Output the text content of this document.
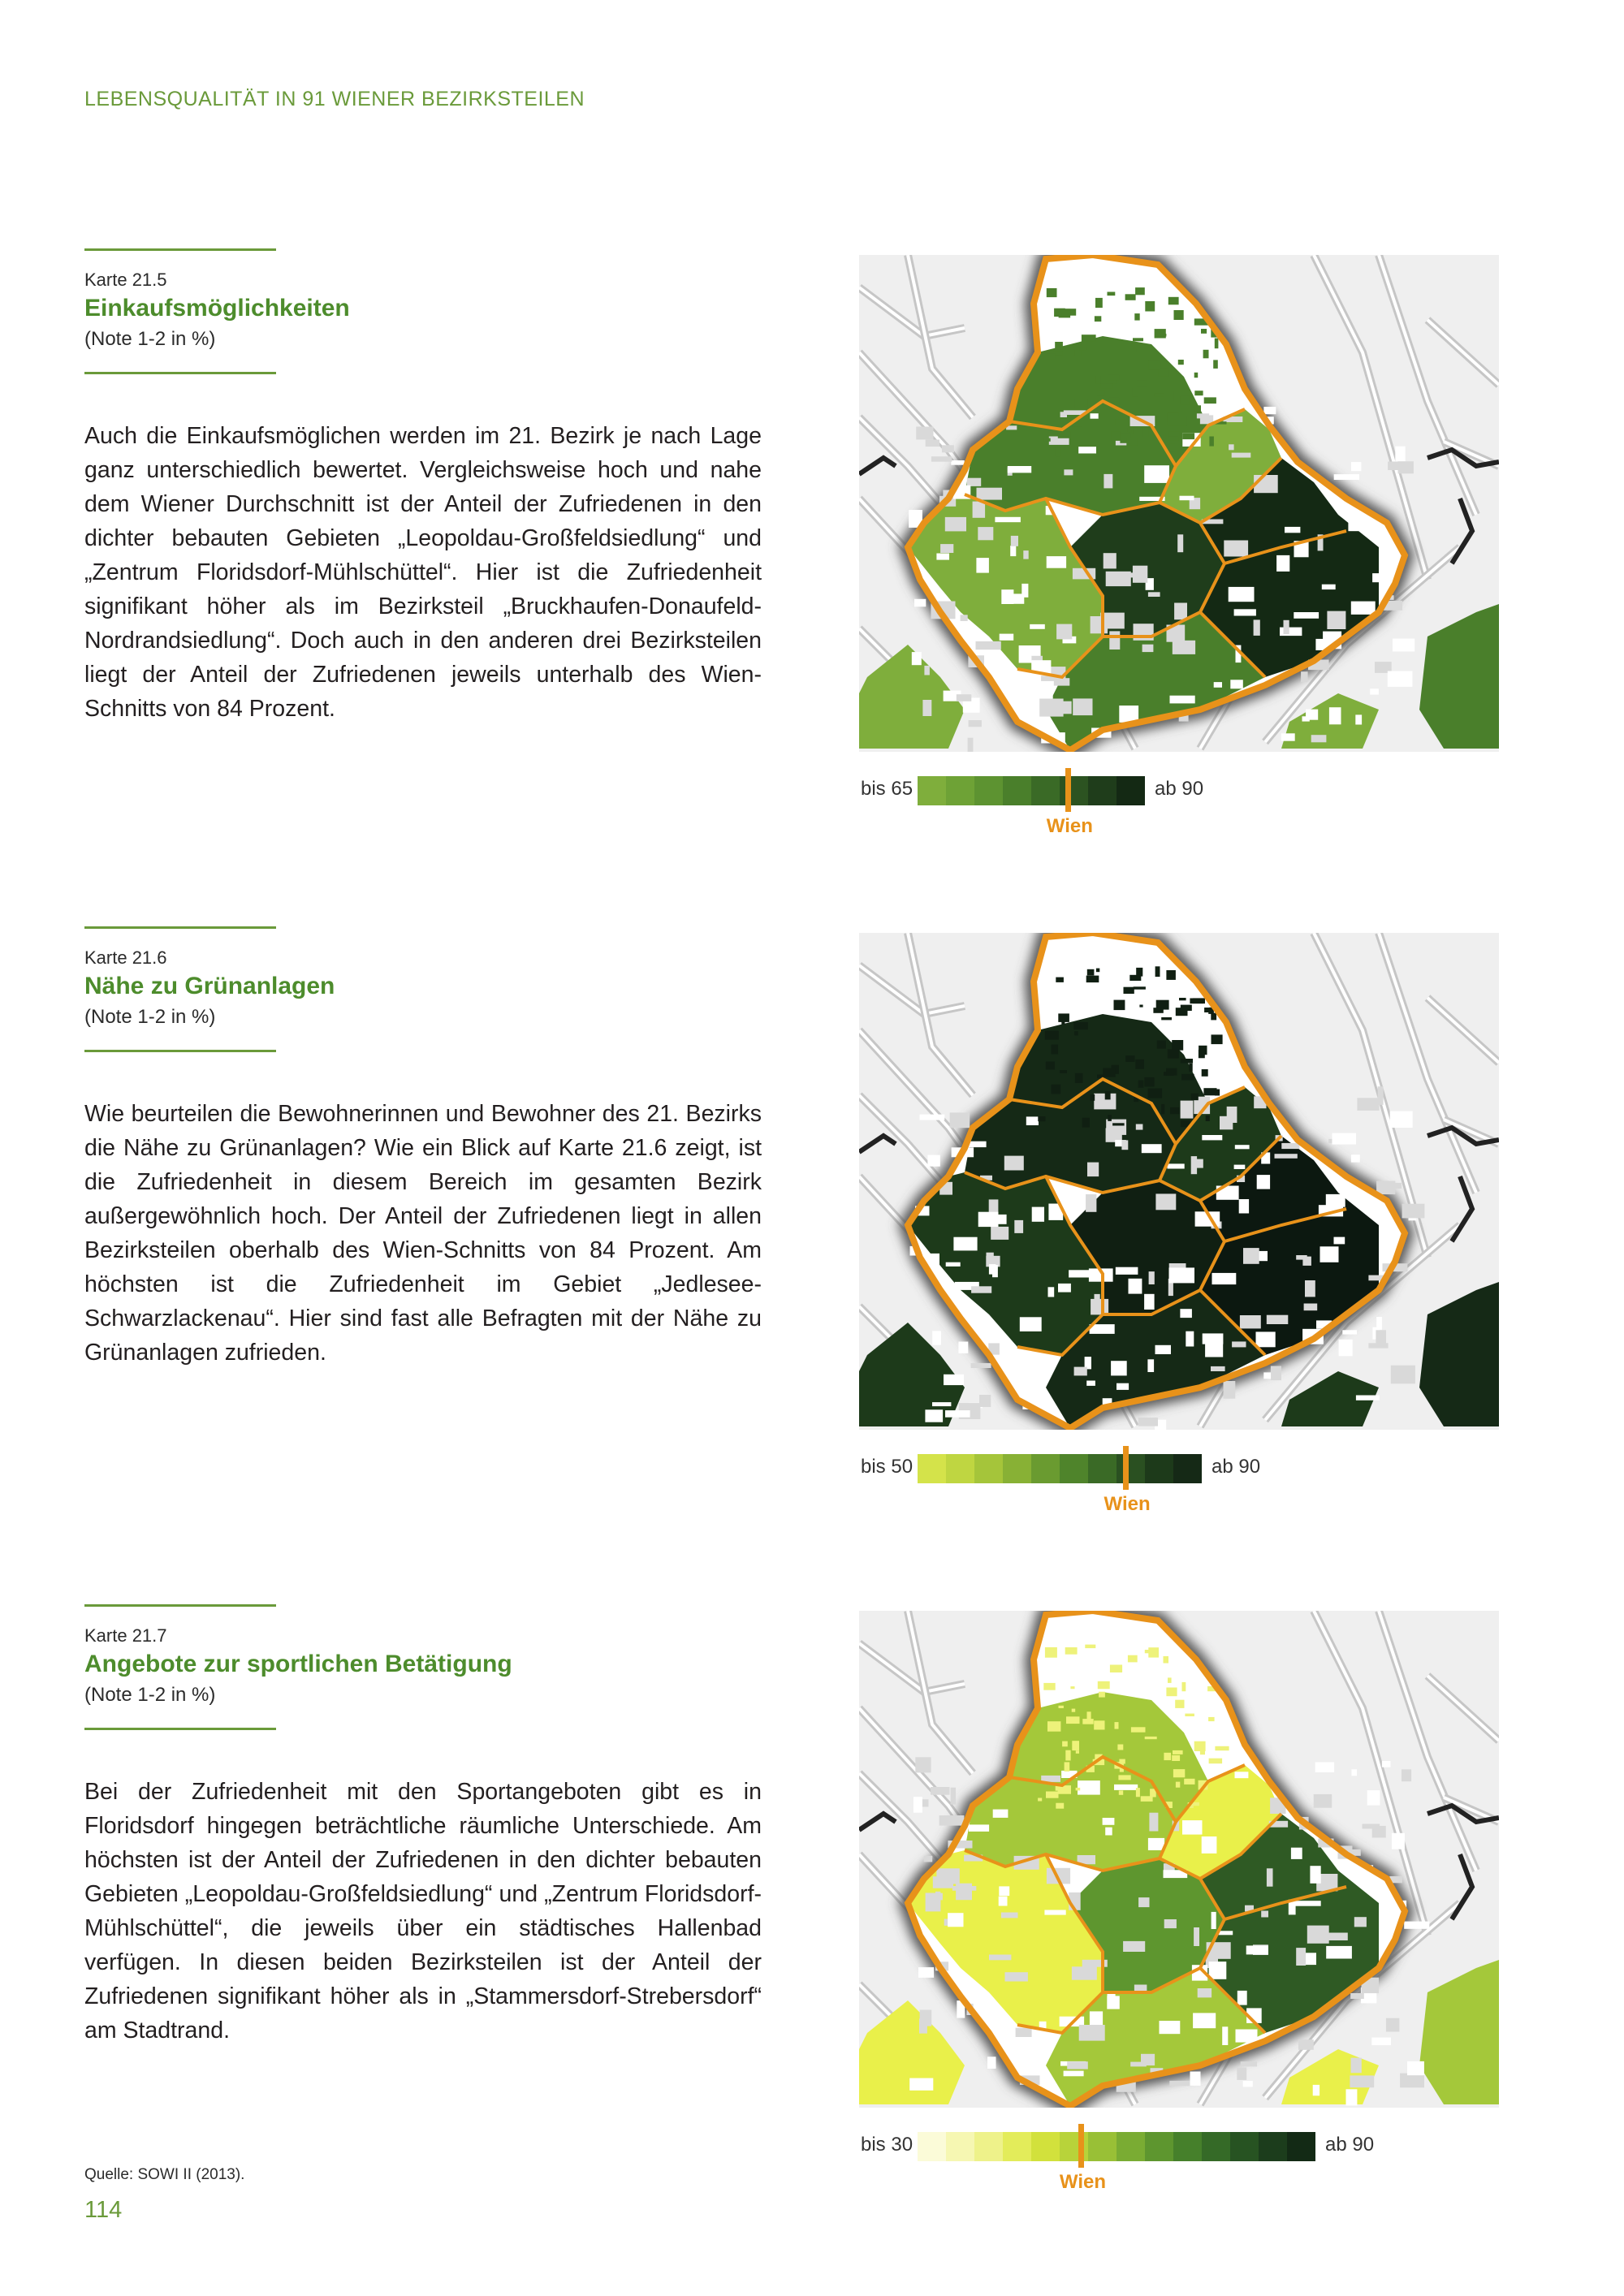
LEBENSQUALITÄT IN 91 WIENER BEZIRKSTEILEN
Karte 21.5
Einkaufsmöglichkeiten
(Note 1-2 in %)
Auch die Einkaufsmöglichen werden im 21. Bezirk je nach Lage ganz unterschiedlich bewertet. Vergleichsweise hoch und nahe dem Wiener Durchschnitt ist der Anteil der Zufriedenen in den dichter bebauten Gebieten „Leopoldau-Großfeldsiedlung“ und „Zentrum Floridsdorf-Mühlschüttel“. Hier ist die Zufriedenheit signifikant höher als im Bezirksteil „Bruckhaufen-Donaufeld-Nordrandsiedlung“. Doch auch in den anderen drei Bezirksteilen liegt der Anteil der Zufriedenen jeweils unterhalb des Wien-Schnitts von 84 Prozent.
bis 65	ab 90
Wien
Karte 21.6
Nähe zu Grünanlagen
(Note 1-2 in %)
Wie beurteilen die Bewohnerinnen und Bewohner des 21. Bezirks die Nähe zu Grünanlagen? Wie ein Blick auf Karte 21.6 zeigt, ist die Zufriedenheit in diesem Bereich im gesamten Bezirk außergewöhnlich hoch. Der Anteil der Zufriedenen liegt in allen Bezirksteilen oberhalb des Wien-Schnitts von 84 Prozent. Am höchsten ist die Zufriedenheit im Gebiet „Jedlesee-Schwarzlackenau“. Hier sind fast alle Befragten mit der Nähe zu Grünanlagen zufrieden.
bis 50	ab 90
Wien
Karte 21.7
Angebote zur sportlichen Betätigung
(Note 1-2 in %)
Bei der Zufriedenheit mit den Sportangeboten gibt es in Floridsdorf hingegen beträchtliche räumliche Unterschiede. Am höchsten ist der Anteil der Zufriedenen in den dichter bebauten Gebieten „Leopoldau-Großfeldsiedlung“ und „Zentrum Floridsdorf-Mühlschüttel“, die jeweils über ein städtisches Hallenbad verfügen. In diesen beiden Bezirksteilen ist der Anteil der Zufriedenen signifikant höher als in „Stammersdorf-Strebersdorf“ am Stadtrand.
bis 30	ab 90
Wien
Quelle: SOWI II (2013).
114
